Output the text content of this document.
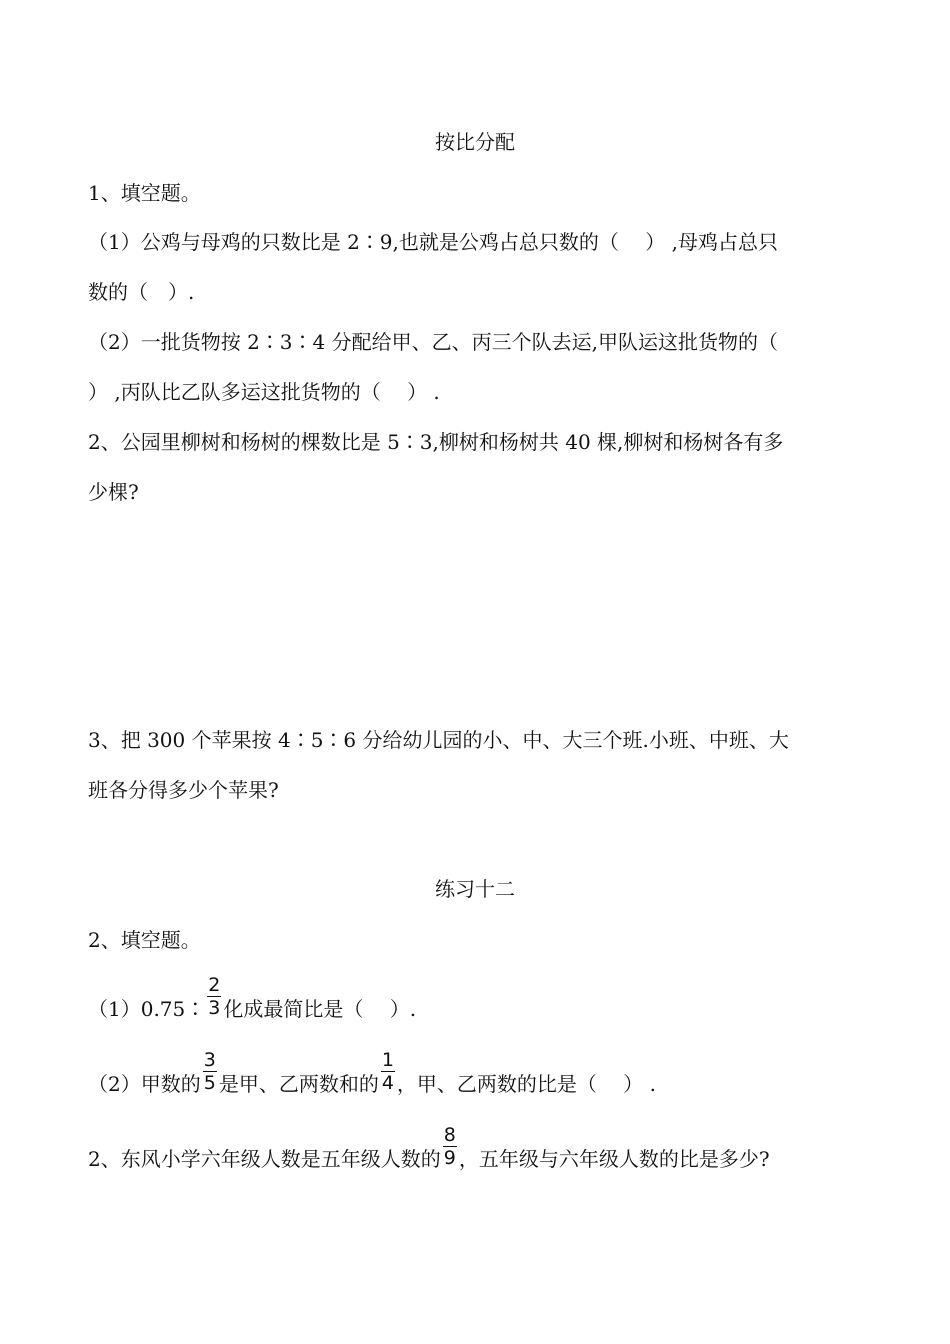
按比分配
1、填空题。
（1）公鸡与母鸡的只数比是 2∶9,也就是公鸡占总只数的（　 ） ,母鸡占总只
数的（　）.
（2）一批货物按 2∶3∶4 分配给甲、乙、丙三个队去运,甲队运这批货物的（
） ,丙队比乙队多运这批货物的（　 ） .
2、公园里柳树和杨树的棵数比是 5∶3,柳树和杨树共 40 棵,柳树和杨树各有多
少棵?
3、把 300 个苹果按 4∶5∶6 分给幼儿园的小、中、大三个班.小班、中班、大
班各分得多少个苹果?
练习十二
2、填空题。
（1）0.75∶ $\frac{2}{3}$ 化成最简比是（　 ）.
（2）甲数的 $\frac{3}{5}$ 是甲、乙两数和的 $\frac{1}{4}$ ，甲、乙两数的比是（　 ） .
2、东风小学六年级人数是五年级人数的 $\frac{8}{9}$ ，五年级与六年级人数的比是多少?
